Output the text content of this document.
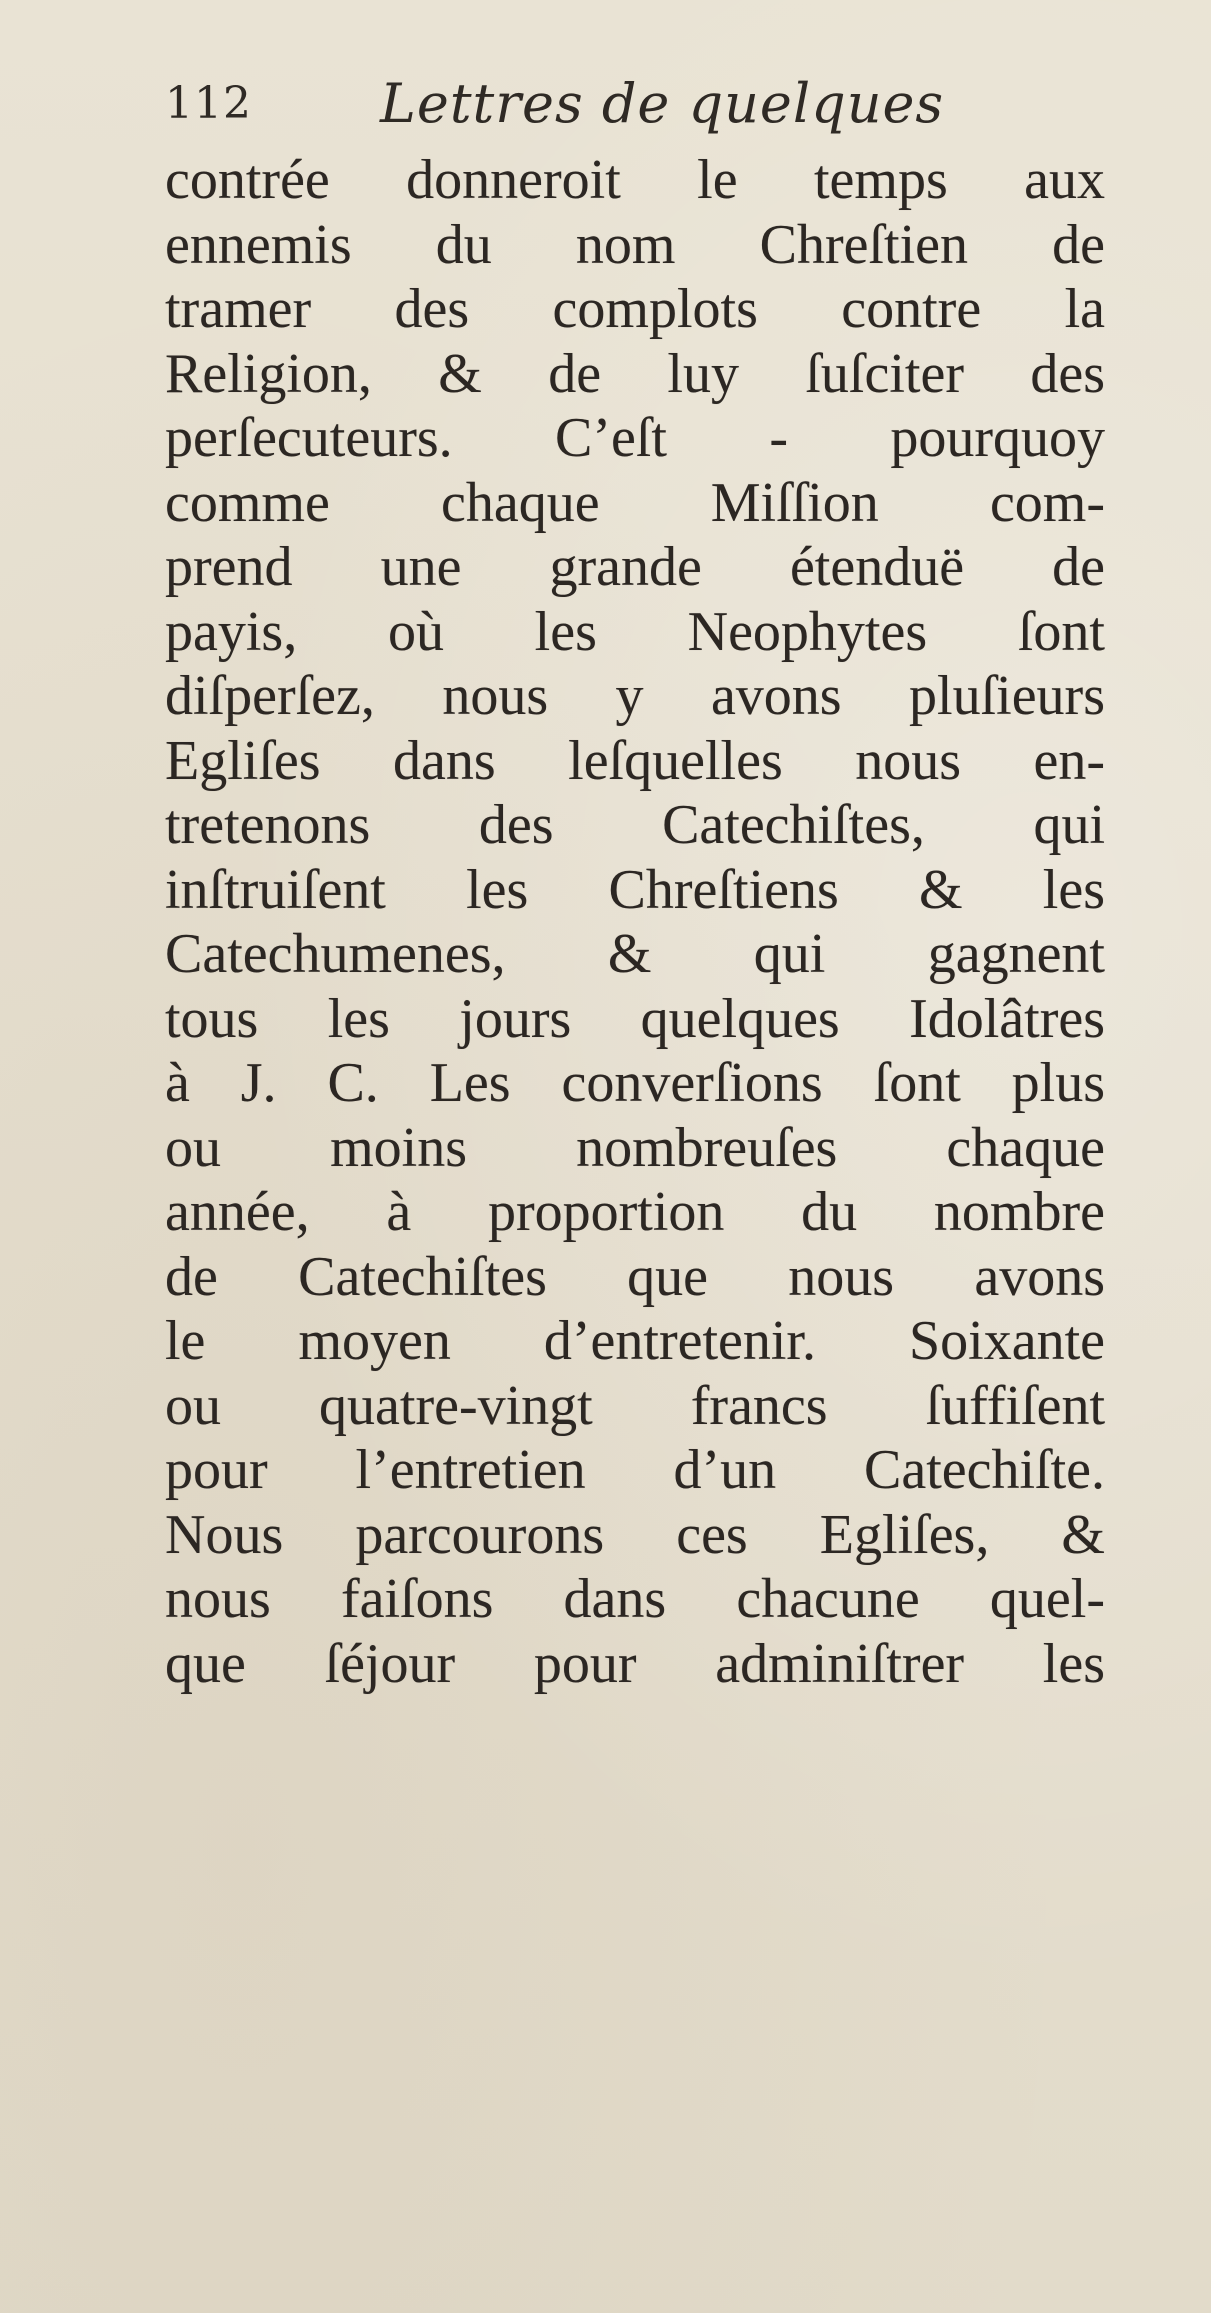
112 Lettres de quelques
contrée donneroit le temps aux
ennemis du nom Chreſtien de
tramer des complots contre la
Religion, & de luy ſuſciter des
perſecuteurs. C’eſt - pourquoy
comme chaque Miſſion com-
prend une grande étenduë de
payis, où les Neophytes ſont
diſperſez, nous y avons pluſieurs
Egliſes dans leſquelles nous en-
tretenons des Catechiſtes, qui
inſtruiſent les Chreſtiens & les
Catechumenes, & qui gagnent
tous les jours quelques Idolâtres
à J. C. Les converſions ſont plus
ou moins nombreuſes chaque
année, à proportion du nombre
de Catechiſtes que nous avons
le moyen d’entretenir. Soixante
ou quatre-vingt francs ſuffiſent
pour l’entretien d’un Catechiſte.
Nous parcourons ces Egliſes, &
nous faiſons dans chacune quel-
que ſéjour pour adminiſtrer les
